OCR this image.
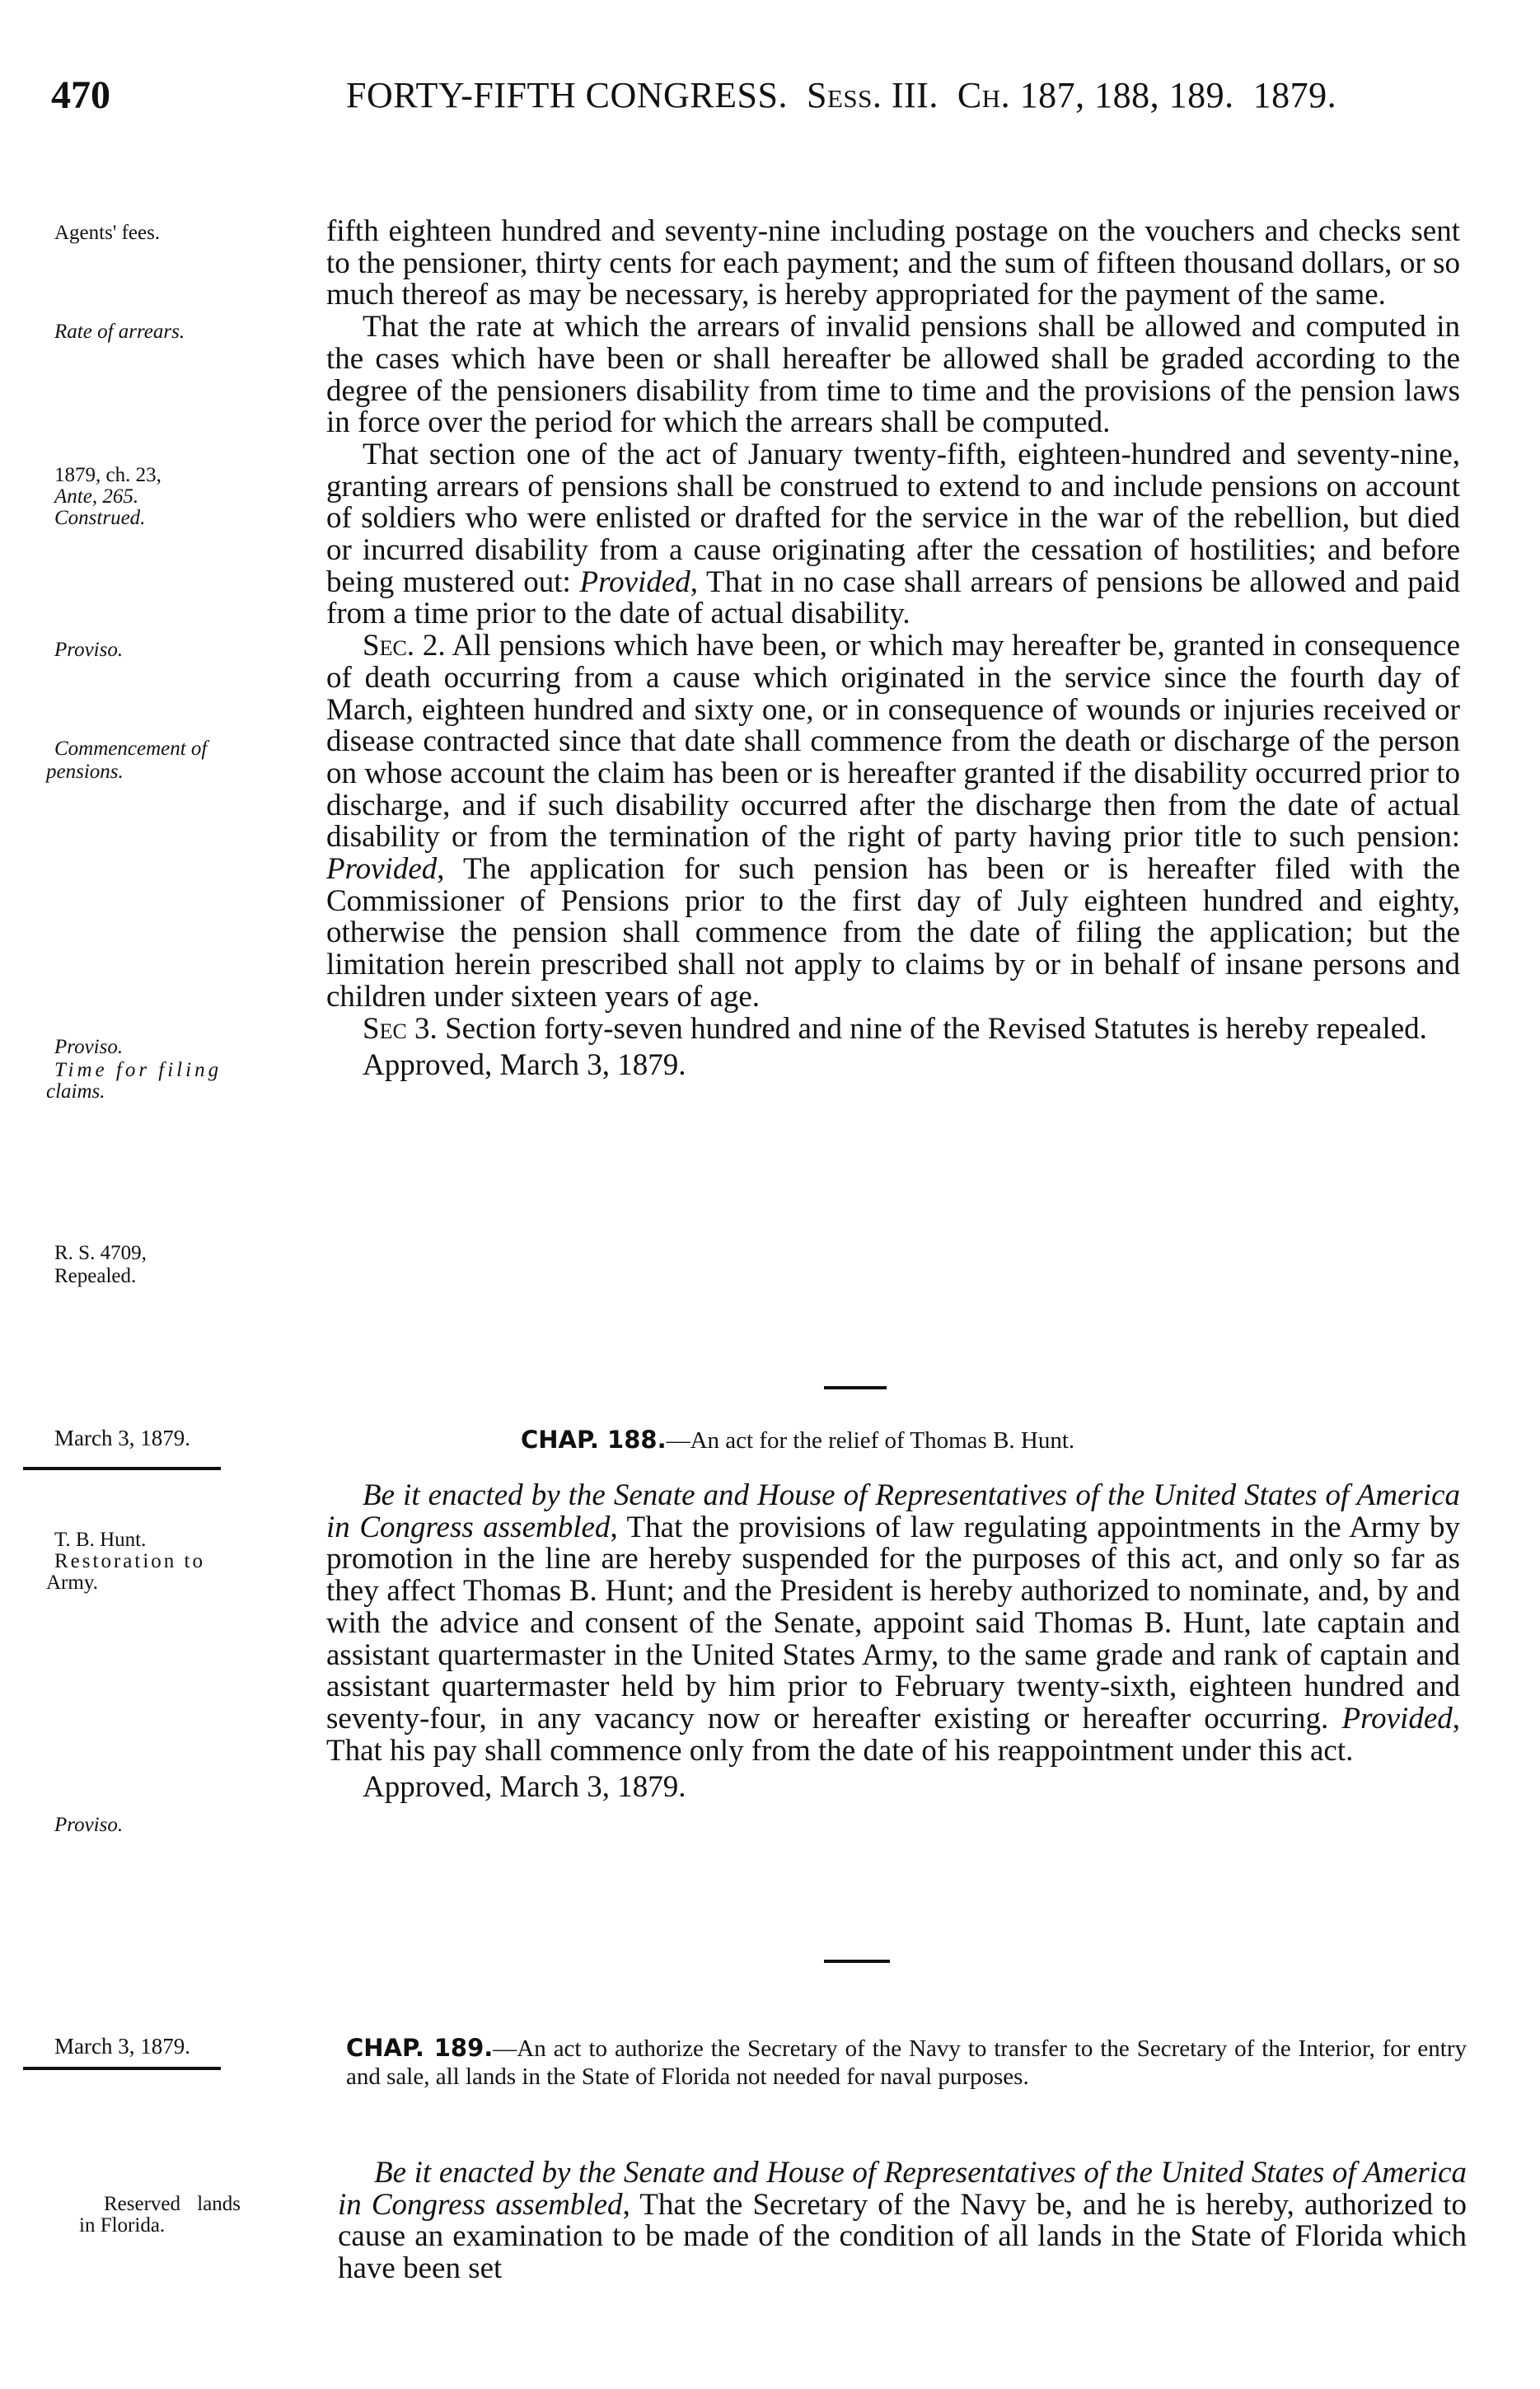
470	FORTY-FIFTH CONGRESS. Sess. III. Ch. 187, 188, 189. 1879.
Agents' fees.
Rate of arrears.
1879, ch. 23,
Ante, 265.
Construed.
Proviso.
Commencement of
pensions.
Proviso.
Time for filing
claims.
R. S. 4709,
Repealed.

fifth eighteen hundred and seventy-nine including postage on the vouchers and checks sent to the pensioner, thirty cents for each payment; and the sum of fifteen thousand dollars, or so much thereof as may be necessary, is hereby appropriated for the payment of the same.

That the rate at which the arrears of invalid pensions shall be allowed and computed in the cases which have been or shall hereafter be allowed shall be graded according to the degree of the pensioners disability from time to time and the provisions of the pension laws in force over the period for which the arrears shall be computed.

That section one of the act of January twenty-fifth, eighteen-hundred and seventy-nine, granting arrears of pensions shall be construed to extend to and include pensions on account of soldiers who were enlisted or drafted for the service in the war of the rebellion, but died or incurred disability from a cause originating after the cessation of hostilities; and before being mustered out: Provided, That in no case shall arrears of pensions be allowed and paid from a time prior to the date of actual disability.

Sec. 2. All pensions which have been, or which may hereafter be, granted in consequence of death occurring from a cause which originated in the service since the fourth day of March, eighteen hundred and sixty one, or in consequence of wounds or injuries received or disease contracted since that date shall commence from the death or discharge of the person on whose account the claim has been or is hereafter granted if the disability occurred prior to discharge, and if such disability occurred after the discharge then from the date of actual disability or from the termination of the right of party having prior title to such pension: Provided, The application for such pension has been or is hereafter filed with the Commissioner of Pensions prior to the first day of July eighteen hundred and eighty, otherwise the pension shall commence from the date of filing the application; but the limitation herein prescribed shall not apply to claims by or in behalf of insane persons and children under sixteen years of age.

Sec 3. Section forty-seven hundred and nine of the Revised Statutes is hereby repealed.

Approved, March 3, 1879.

March 3, 1879.	CHAP. 188.—An act for the relief of Thomas B. Hunt.
T. B. Hunt.
Restoration to
Army.
Proviso.

Be it enacted by the Senate and House of Representatives of the United States of America in Congress assembled, That the provisions of law regulating appointments in the Army by promotion in the line are hereby suspended for the purposes of this act, and only so far as they affect Thomas B. Hunt; and the President is hereby authorized to nominate, and, by and with the advice and consent of the Senate, appoint said Thomas B. Hunt, late captain and assistant quartermaster in the United States Army, to the same grade and rank of captain and assistant quartermaster held by him prior to February twenty-sixth, eighteen hundred and seventy-four, in any vacancy now or hereafter existing or hereafter occurring. Provided, That his pay shall commence only from the date of his reappointment under this act.

Approved, March 3, 1879.

March 3, 1879.	CHAP. 189.—An act to authorize the Secretary of the Navy to transfer to the Secretary of the Interior, for entry and sale, all lands in the State of Florida not needed for naval purposes.
Reserved lands
in Florida.

Be it enacted by the Senate and House of Representatives of the United States of America in Congress assembled, That the Secretary of the Navy be, and he is hereby, authorized to cause an examination to be made of the condition of all lands in the State of Florida which have been set
